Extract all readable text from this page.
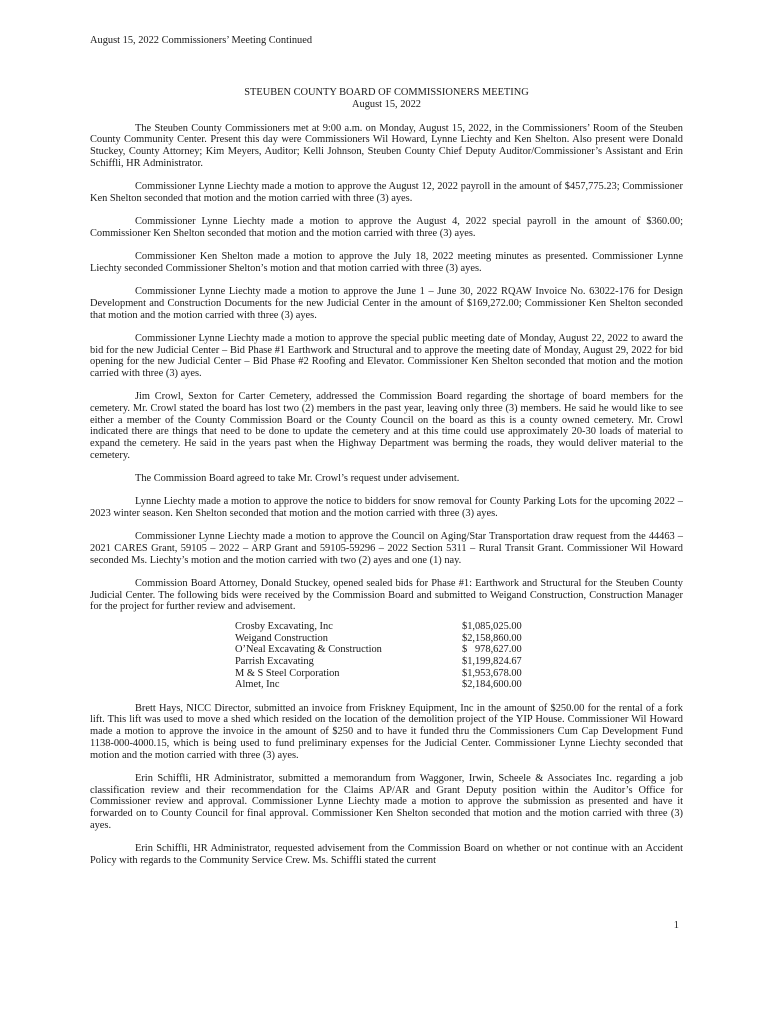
August 15, 2022 Commissioners’ Meeting Continued
STEUBEN COUNTY BOARD OF COMMISSIONERS MEETING
August 15, 2022

The Steuben County Commissioners met at 9:00 a.m. on Monday, August 15, 2022, in the Commissioners’ Room of the Steuben County Community Center. Present this day were Commissioners Wil Howard, Lynne Liechty and Ken Shelton. Also present were Donald Stuckey, County Attorney; Kim Meyers, Auditor; Kelli Johnson, Steuben County Chief Deputy Auditor/Commissioner’s Assistant and Erin Schiffli, HR Administrator.

Commissioner Lynne Liechty made a motion to approve the August 12, 2022 payroll in the amount of $457,775.23; Commissioner Ken Shelton seconded that motion and the motion carried with three (3) ayes.

Commissioner Lynne Liechty made a motion to approve the August 4, 2022 special payroll in the amount of $360.00; Commissioner Ken Shelton seconded that motion and the motion carried with three (3) ayes.

Commissioner Ken Shelton made a motion to approve the July 18, 2022 meeting minutes as presented. Commissioner Lynne Liechty seconded Commissioner Shelton’s motion and that motion carried with three (3) ayes.

Commissioner Lynne Liechty made a motion to approve the June 1 – June 30, 2022 RQAW Invoice No. 63022-176 for Design Development and Construction Documents for the new Judicial Center in the amount of $169,272.00; Commissioner Ken Shelton seconded that motion and the motion carried with three (3) ayes.

Commissioner Lynne Liechty made a motion to approve the special public meeting date of Monday, August 22, 2022 to award the bid for the new Judicial Center – Bid Phase #1 Earthwork and Structural and to approve the meeting date of Monday, August 29, 2022 for bid opening for the new Judicial Center – Bid Phase #2 Roofing and Elevator. Commissioner Ken Shelton seconded that motion and the motion carried with three (3) ayes.

Jim Crowl, Sexton for Carter Cemetery, addressed the Commission Board regarding the shortage of board members for the cemetery. Mr. Crowl stated the board has lost two (2) members in the past year, leaving only three (3) members. He said he would like to see either a member of the County Commission Board or the County Council on the board as this is a county owned cemetery. Mr. Crowl indicated there are things that need to be done to update the cemetery and at this time could use approximately 20-30 loads of material to expand the cemetery. He said in the years past when the Highway Department was berming the roads, they would deliver material to the cemetery.

The Commission Board agreed to take Mr. Crowl’s request under advisement.

Lynne Liechty made a motion to approve the notice to bidders for snow removal for County Parking Lots for the upcoming 2022 – 2023 winter season. Ken Shelton seconded that motion and the motion carried with three (3) ayes.

Commissioner Lynne Liechty made a motion to approve the Council on Aging/Star Transportation draw request from the 44463 – 2021 CARES Grant, 59105 – 2022 – ARP Grant and 59105-59296 – 2022 Section 5311 – Rural Transit Grant. Commissioner Wil Howard seconded Ms. Liechty’s motion and the motion carried with two (2) ayes and one (1) nay.

Commission Board Attorney, Donald Stuckey, opened sealed bids for Phase #1: Earthwork and Structural for the Steuben County Judicial Center. The following bids were received by the Commission Board and submitted to Weigand Construction, Construction Manager for the project for further review and advisement.

Crosby Excavating, Inc	$1,085,025.00
Weigand Construction	$2,158,860.00
O’Neal Excavating & Construction	$   978,627.00
Parrish Excavating	$1,199,824.67
M & S Steel Corporation	$1,953,678.00
Almet, Inc	$2,184,600.00

Brett Hays, NICC Director, submitted an invoice from Friskney Equipment, Inc in the amount of $250.00 for the rental of a fork lift. This lift was used to move a shed which resided on the location of the demolition project of the YIP House. Commissioner Wil Howard made a motion to approve the invoice in the amount of $250 and to have it funded thru the Commissioners Cum Cap Development Fund 1138-000-4000.15, which is being used to fund preliminary expenses for the Judicial Center. Commissioner Lynne Liechty seconded that motion and the motion carried with three (3) ayes.

Erin Schiffli, HR Administrator, submitted a memorandum from Waggoner, Irwin, Scheele & Associates Inc. regarding a job classification review and their recommendation for the Claims AP/AR and Grant Deputy position within the Auditor’s Office for Commissioner review and approval. Commissioner Lynne Liechty made a motion to approve the submission as presented and have it forwarded on to County Council for final approval. Commissioner Ken Shelton seconded that motion and the motion carried with three (3) ayes.

Erin Schiffli, HR Administrator, requested advisement from the Commission Board on whether or not continue with an Accident Policy with regards to the Community Service Crew. Ms. Schiffli stated the current

1
